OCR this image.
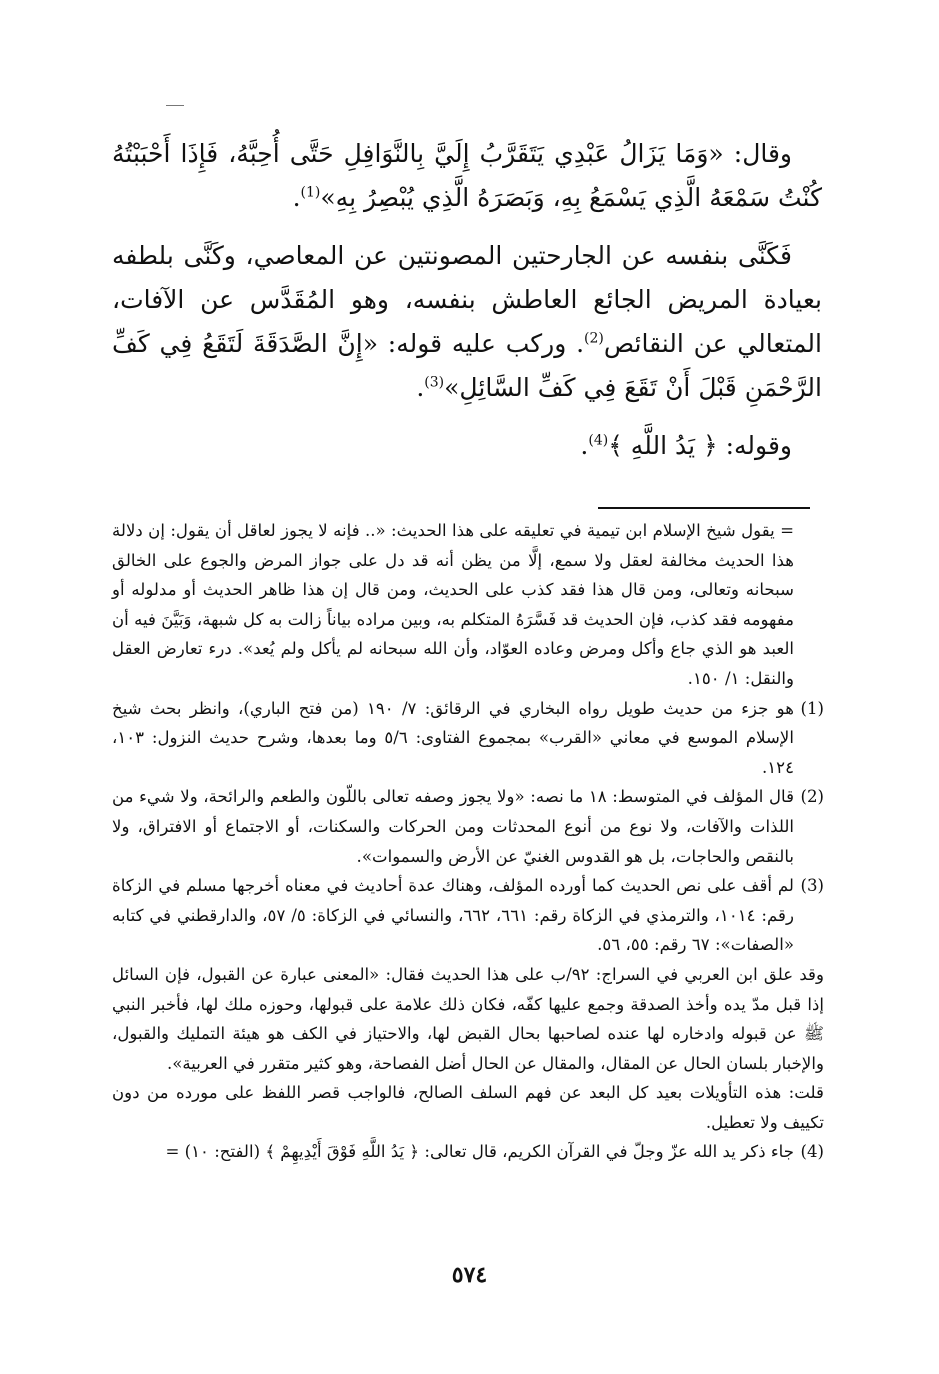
وقال: «وَمَا يَزَالُ عَبْدِي يَتَقَرَّبُ إِلَيَّ بِالنَّوَافِلِ حَتَّى أُحِبَّهُ، فَإِذَا أَحْبَبْتُهُ كُنْتُ سَمْعَهُ الَّذِي يَسْمَعُ بِهِ، وَبَصَرَهُ الَّذِي يُبْصِرُ بِهِ»$^{(1)}$.

فَكَنَّى بنفسه عن الجارحتين المصونتين عن المعاصي، وكَنَّى بلطفه بعيادة المريض الجائع العاطش بنفسه، وهو المُقَدَّس عن الآفات، المتعالي عن النقائص$^{(2)}$. وركب عليه قوله: «إِنَّ الصَّدَقَةَ لَتَقَعُ فِي كَفِّ الرَّحْمَنِ قَبْلَ أَنْ تَقَعَ فِي كَفِّ السَّائِلِ»$^{(3)}$.

وقوله: ﴿ يَدُ اللَّهِ ﴾$^{(4)}$.

= يقول شيخ الإسلام ابن تيمية في تعليقه على هذا الحديث: «.. فإنه لا يجوز لعاقل أن يقول: إن دلالة هذا الحديث مخالفة لعقل ولا سمع، إلَّا من يظن أنه قد دل على جواز المرض والجوع على الخالق سبحانه وتعالى، ومن قال هذا فقد كذب على الحديث، ومن قال إن هذا ظاهر الحديث أو مدلوله أو مفهومه فقد كذب، فإن الحديث قد فَسَّرَهُ المتكلم به، وبين مراده بياناً زالت به كل شبهة، وَبَيَّنَ فيه أن العبد هو الذي جاع وأكل ومرض وعاده العوّاد، وأن الله سبحانه لم يأكل ولم يُعد». درء تعارض العقل والنقل: ١/ ١٥٠.

(1)هو جزء من حديث طويل رواه البخاري في الرقائق: ٧/ ١٩٠ (من فتح الباري)، وانظر بحث شيخ الإسلام الموسع في معاني «القرب» بمجموع الفتاوى: ٥/٦ وما بعدها، وشرح حديث النزول: ١٠٣، ١٢٤.

(2)قال المؤلف في المتوسط: ١٨ ما نصه: «ولا يجوز وصفه تعالى باللّون والطعم والرائحة، ولا شيء من اللذات والآفات، ولا نوع من أنوع المحدثات ومن الحركات والسكنات، أو الاجتماع أو الافتراق، ولا بالنقص والحاجات، بل هو القدوس الغنيّ عن الأرض والسموات».

(3)لم أقف على نص الحديث كما أورده المؤلف، وهناك عدة أحاديث في معناه أخرجها مسلم في الزكاة رقم: ١٠١٤، والترمذي في الزكاة رقم: ٦٦١، ٦٦٢، والنسائي في الزكاة: ٥/ ٥٧، والدارقطني في كتابه «الصفات»: ٦٧ رقم: ٥٥، ٥٦.

وقد علق ابن العربي في السراج: ٩٢/ب على هذا الحديث فقال: «المعنى عبارة عن القبول، فإن السائل إذا قبل مدّ يده وأخذ الصدقة وجمع عليها كفّه، فكان ذلك علامة على قبولها، وحوزه ملك لها، فأخبر النبي ﷺ عن قبوله وادخاره لها عنده لصاحبها بحال القبض لها، والاحتياز في الكف هو هيئة التمليك والقبول، والإخبار بلسان الحال عن المقال، والمقال عن الحال أضل الفصاحة، وهو كثير متقرر في العربية».

قلت: هذه التأويلات بعيد كل البعد عن فهم السلف الصالح، فالواجب قصر اللفظ على مورده من دون تكييف ولا تعطيل.

(4)جاء ذكر يد الله عزّ وجلّ في القرآن الكريم، قال تعالى: ﴿ يَدُ اللَّهِ فَوْقَ أَيْدِيهِمْ ﴾ (الفتح: ١٠) =

٥٧٤
